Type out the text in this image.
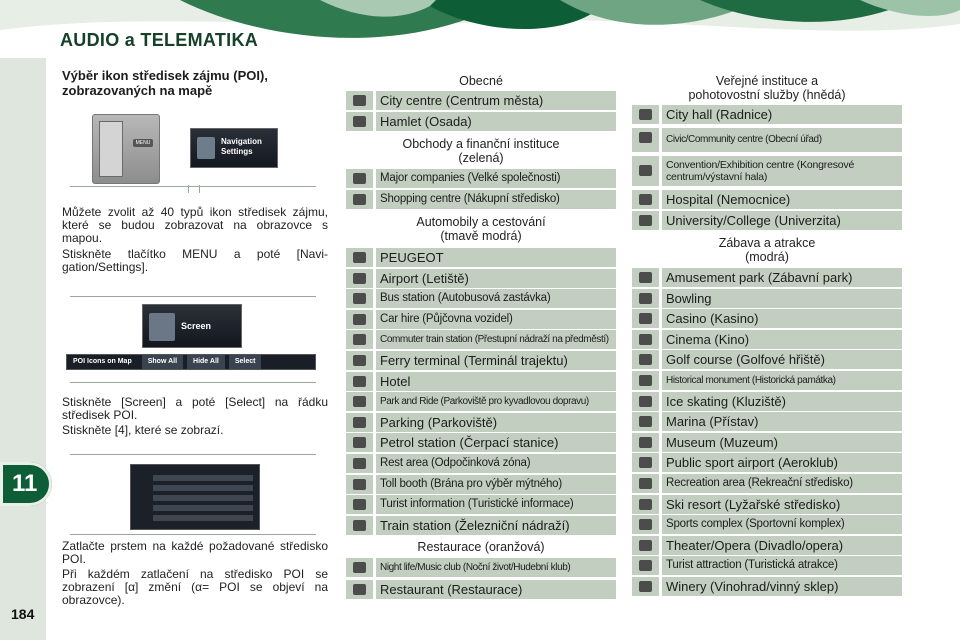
AUDIO a TELEMATIKA
11
184
Výběr ikon středisek zájmu (POI), zobrazovaných na mapě
MENU	Navigation Settings
Můžete zvolit až 40 typů ikon středisek zájmu, které se budou zobrazovat na obrazovce s mapou.
Stiskněte tlačítko MENU a poté [Navi-gation/Settings].
Screen
POI Icons on Map	Show All	Hide All	Select
Stiskněte [Screen] a poté [Select] na řádku středisek POI.
Stiskněte [4], které se zobrazí.
Zatlačte prstem na každé požadované středisko POI.
Při každém zatlačení na středisko POI se zobrazení [α] změní (α= POI se objeví na obrazovce).
Obecné
City centre (Centrum města)
Hamlet (Osada)
Obchody a finanční instituce
(zelená)
Major companies (Velké společnosti)
Shopping centre (Nákupní středisko)
Automobily a cestování
(tmavě modrá)
PEUGEOT
Airport (Letiště)
Bus station (Autobusová zastávka)
Car hire (Půjčovna vozidel)
Commuter train station (Přestupní nádraží na předměstí)
Ferry terminal (Terminál trajektu)
Hotel
Park and Ride (Parkoviště pro kyvadlovou dopravu)
Parking (Parkoviště)
Petrol station (Čerpací stanice)
Rest area (Odpočinková zóna)
Toll booth (Brána pro výběr mýtného)
Turist information (Turistické informace)
Train station (Železniční nádraží)
Restaurace (oranžová)
Night life/Music club (Noční život/Hudební klub)
Restaurant (Restaurace)
Veřejné instituce a
pohotovostní služby (hnědá)
City hall (Radnice)
Civic/Community centre (Obecní úřad)
Convention/Exhibition centre (Kongresové centrum/výstavní hala)
Hospital (Nemocnice)
University/College (Univerzita)
Zábava a atrakce
(modrá)
Amusement park (Zábavní park)
Bowling
Casino (Kasino)
Cinema (Kino)
Golf course (Golfové hřiště)
Historical monument (Historická památka)
Ice skating (Kluziště)
Marina (Přístav)
Museum (Muzeum)
Public sport airport (Aeroklub)
Recreation area (Rekreační středisko)
Ski resort (Lyžařské středisko)
Sports complex (Sportovní komplex)
Theater/Opera (Divadlo/opera)
Turist attraction (Turistická atrakce)
Winery (Vinohrad/vinný sklep)
